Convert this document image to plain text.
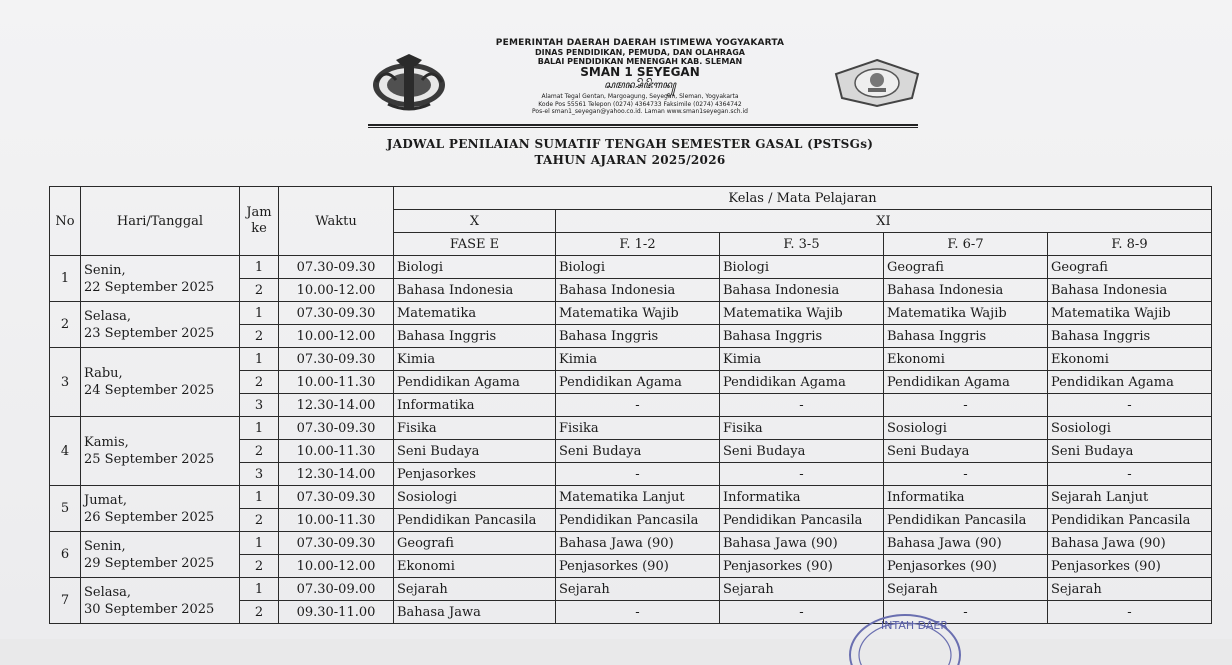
PEMERINTAH DAERAH DAERAH ISTIMEWA YOGYAKARTA
DINAS PENDIDIKAN, PEMUDA, DAN OLAHRAGA
BALAI PENDIDIKAN MENENGAH KAB. SLEMAN
SMAN 1 SEYEGAN
ꦱꦩꦤ꧀ꦱꦼꦗꦼꦒꦤ꧀
Alamat Tegal Gentan, Margoagung, Seyegan, Sleman, Yogyakarta
Kode Pos 55561 Telepon (0274) 4364733 Faksimile (0274) 4364742
Pos-el sman1_seyegan@yahoo.co.id. Laman www.sman1seyegan.sch.id
JADWAL PENILAIAN SUMATIF TENGAH SEMESTER GASAL (PSTSGs)
TAHUN AJARAN 2025/2026
No	Hari/Tanggal	Jam ke	Waktu	Kelas / Mata Pelajaran				
				X	XI			
				FASE E	F. 1-2	F. 3-5	F. 6-7	F. 8-9
1	Senin,
22 September 2025	1	07.30-09.30	Biologi	Biologi	Biologi	Geografi	Geografi
		2	10.00-12.00	Bahasa Indonesia	Bahasa Indonesia	Bahasa Indonesia	Bahasa Indonesia	Bahasa Indonesia
2	Selasa,
23 September 2025	1	07.30-09.30	Matematika	Matematika Wajib	Matematika Wajib	Matematika Wajib	Matematika Wajib
		2	10.00-12.00	Bahasa Inggris	Bahasa Inggris	Bahasa Inggris	Bahasa Inggris	Bahasa Inggris
3	Rabu,
24 September 2025	1	07.30-09.30	Kimia	Kimia	Kimia	Ekonomi	Ekonomi
		2	10.00-11.30	Pendidikan Agama	Pendidikan Agama	Pendidikan Agama	Pendidikan Agama	Pendidikan Agama
		3	12.30-14.00	Informatika	-	-	-	-
4	Kamis,
25 September 2025	1	07.30-09.30	Fisika	Fisika	Fisika	Sosiologi	Sosiologi
		2	10.00-11.30	Seni Budaya	Seni Budaya	Seni Budaya	Seni Budaya	Seni Budaya
		3	12.30-14.00	Penjasorkes	-	-	-	-
5	Jumat,
26 September 2025	1	07.30-09.30	Sosiologi	Matematika Lanjut	Informatika	Informatika	Sejarah Lanjut
		2	10.00-11.30	Pendidikan Pancasila	Pendidikan Pancasila	Pendidikan Pancasila	Pendidikan Pancasila	Pendidikan Pancasila
6	Senin,
29 September 2025	1	07.30-09.30	Geografi	Bahasa Jawa (90)	Bahasa Jawa (90)	Bahasa Jawa (90)	Bahasa Jawa (90)
		2	10.00-12.00	Ekonomi	Penjasorkes (90)	Penjasorkes (90)	Penjasorkes (90)	Penjasorkes (90)
7	Selasa,
30 September 2025	1	07.30-09.00	Sejarah	Sejarah	Sejarah	Sejarah	Sejarah
		2	09.30-11.00	Bahasa Jawa	-	-	-	-
INTAH DAER
